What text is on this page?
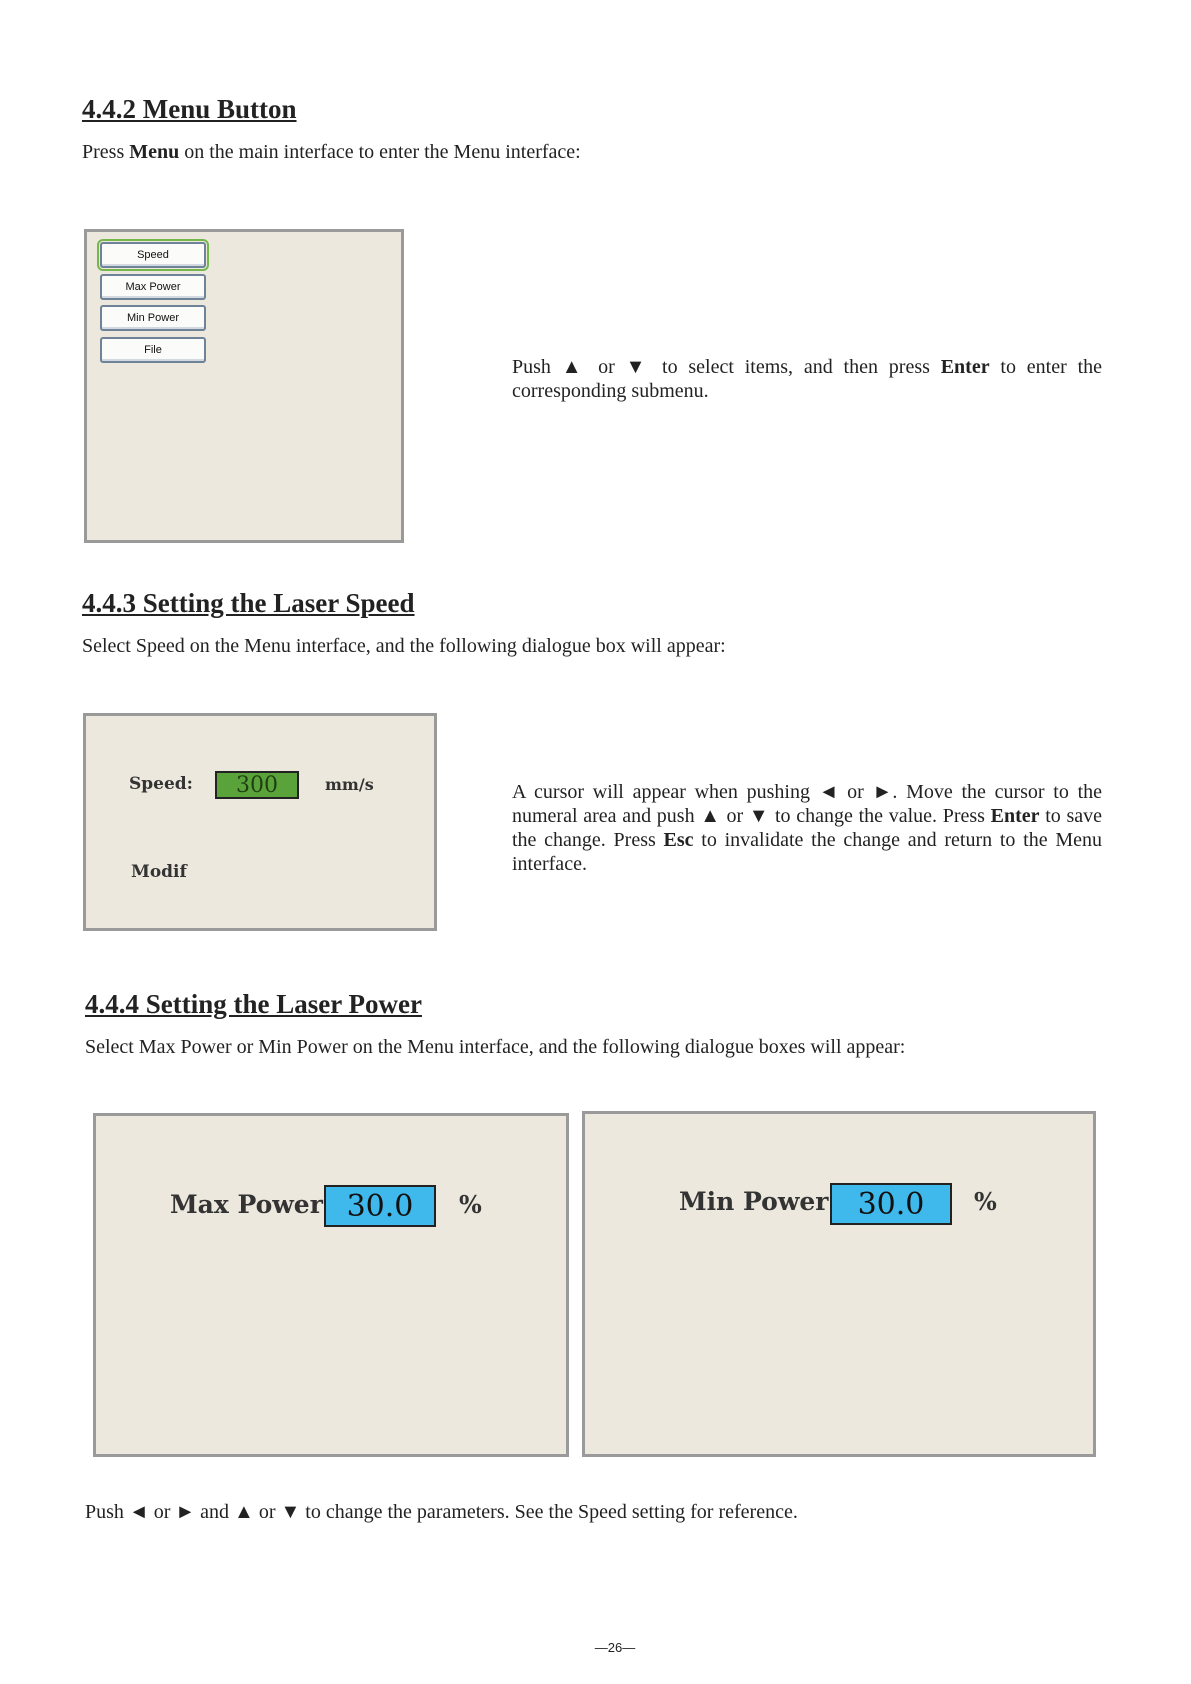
4.4.2 Menu Button
Press Menu on the main interface to enter the Menu interface:
Speed
Max Power
Min Power
File
Push ▲ or ▼ to select items, and then press Enter to enter the corresponding submenu.
4.4.3 Setting the Laser Speed
Select Speed on the Menu interface, and the following dialogue box will appear:
Speed:	300	mm/s
Modif
A cursor will appear when pushing ◄ or ►. Move the cursor to the numeral area and push ▲ or ▼ to change the value. Press Enter to save the change. Press Esc to invalidate the change and return to the Menu interface.
4.4.4 Setting the Laser Power
Select Max Power or Min Power on the Menu interface, and the following dialogue boxes will appear:
Max Power 30.0	%	Min Power 30.0	%
Push ◄ or ► and ▲ or ▼ to change the parameters. See the Speed setting for reference.
—26—
